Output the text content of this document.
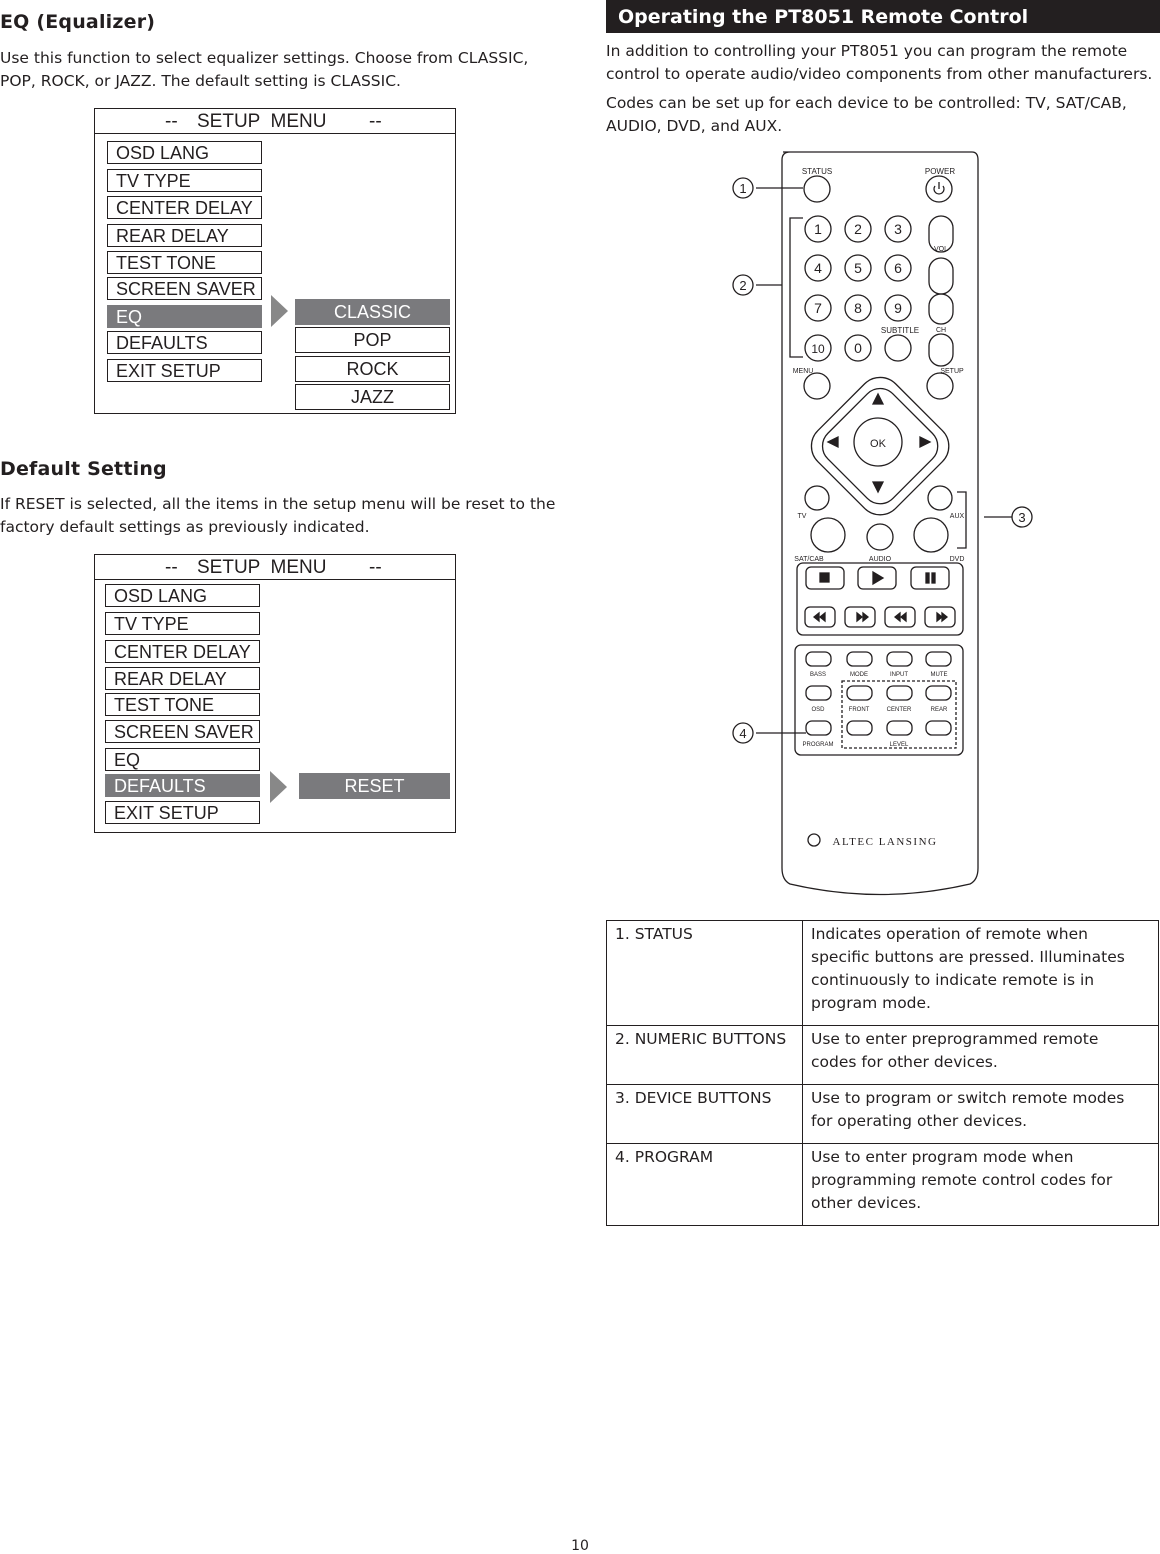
EQ (Equalizer)

Use this function to select equalizer settings. Choose from CLASSIC, POP, ROCK, or JAZZ. The default setting is CLASSIC.

-- SETUP  MENU --
OSD LANG
TV TYPE
CENTER DELAY
REAR DELAY
TEST TONE
SCREEN SAVER
EQ
DEFAULTS
EXIT SETUP
CLASSIC
POP
ROCK
JAZZ
Default Setting

If RESET is selected, all the items in the setup menu will be reset to the factory default settings as previously indicated.

-- SETUP  MENU --
OSD LANG
TV TYPE
CENTER DELAY
REAR DELAY
TEST TONE
SCREEN SAVER
EQ
DEFAULTS
EXIT SETUP
RESET
Operating the PT8051 Remote Control

In addition to controlling your PT8051 you can program the remote control to operate audio/video components from other manufacturers.

Codes can be set up for each device to be controlled: TV, SAT/CAB, AUDIO, DVD, and AUX.

STATUS	POWER
1 2 3
4 5 6
7 8 9
10 0
SUBTITLE
VOL
CH
MENU	SETUP
OK
TV	AUX
SAT/CAB	AUDIO	DVD
BASS	MODE	INPUT	MUTE
OSD	FRONT	CENTER	REAR
PROGRAM	LEVEL
ALTEC LANSING
1
2
3
4
1. STATUS	Indicates operation of remote when specific buttons are pressed. Illuminates continuously to indicate remote is in program mode.
2. NUMERIC BUTTONS	Use to enter preprogrammed remote codes for other devices.
3. DEVICE BUTTONS	Use to program or switch remote modes for operating other devices.
4. PROGRAM	Use to enter program mode when programming remote control codes for other devices.
10
